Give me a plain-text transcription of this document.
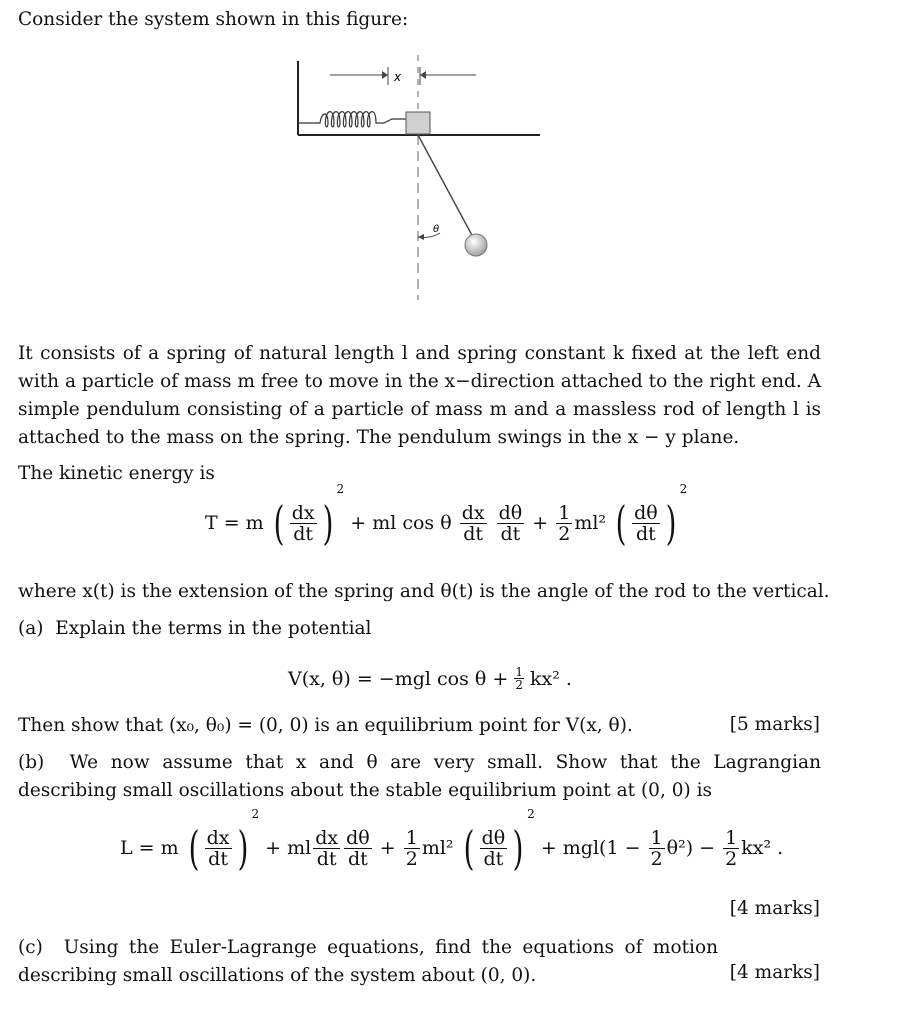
Consider the system shown in this figure:
x
θ
It consists of a spring of natural length l and spring constant k fixed at the left end with a particle of mass m free to move in the x−direction attached to the right end. A simple pendulum consisting of a particle of mass m and a massless rod of length l is attached to the mass on the spring. The pendulum swings in the x − y plane.
The kinetic energy is
T = m ( $\frac{dx}{dt} )2$ + ml cos θ $\frac{dx}{dt}$
$\frac{d\theta}{dt} + \frac{1}{2} ml^2$ ( $\frac{d\theta}{dt} )2$
where x(t) is the extension of the spring and θ(t) is the angle of the rod to the vertical.
(a) Explain the terms in the potential
V(x, θ) = −mgl $\cos \theta + \frac{1}{2} kx^2$ .
Then show that (x₀, θ₀) = (0, 0) is an equilibrium point for V(x, θ).	[5 marks]
(b) We now assume that x and θ are very small. Show that the Lagrangian describing small oscillations about the stable equilibrium point at (0, 0) is
L = m ( $\frac{dx}{dt} )2$ + ml $\frac{dx}{dt} \frac{d\theta}{dt} + \frac{1}{2} ml^2$ ( $\frac{d\theta}{dt} )2 + mgl(1 - \frac{1}{2} \theta^2) - \frac{1}{2} kx^2$ .
[4 marks]
(c) Using the Euler-Lagrange equations, find the equations of motion describing small oscillations of the system about (0, 0).	[4 marks]
